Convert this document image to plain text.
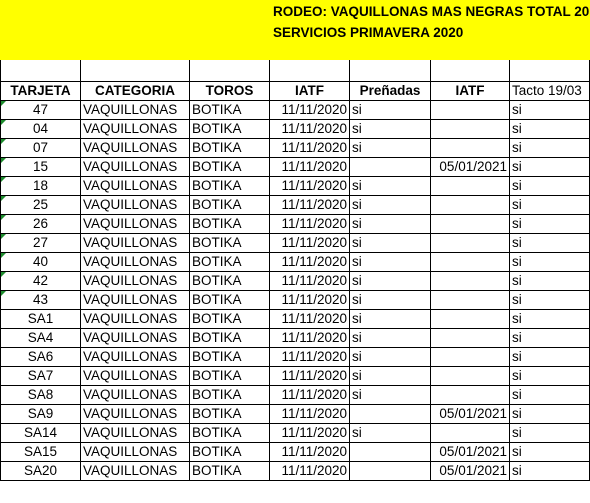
RODEO: VAQUILLONAS MAS NEGRAS TOTAL 20
SERVICIOS PRIMAVERA 2020

TARJETA	CATEGORIA	TOROS	IATF	Preñadas	IATF	Tacto 19/03
47	VAQUILLONAS	BOTIKA	11/11/2020	si		si
04	VAQUILLONAS	BOTIKA	11/11/2020	si		si
07	VAQUILLONAS	BOTIKA	11/11/2020	si		si
15	VAQUILLONAS	BOTIKA	11/11/2020		05/01/2021	si
18	VAQUILLONAS	BOTIKA	11/11/2020	si		si
25	VAQUILLONAS	BOTIKA	11/11/2020	si		si
26	VAQUILLONAS	BOTIKA	11/11/2020	si		si
27	VAQUILLONAS	BOTIKA	11/11/2020	si		si
40	VAQUILLONAS	BOTIKA	11/11/2020	si		si
42	VAQUILLONAS	BOTIKA	11/11/2020	si		si
43	VAQUILLONAS	BOTIKA	11/11/2020	si		si
SA1	VAQUILLONAS	BOTIKA	11/11/2020	si		si
SA4	VAQUILLONAS	BOTIKA	11/11/2020	si		si
SA6	VAQUILLONAS	BOTIKA	11/11/2020	si		si
SA7	VAQUILLONAS	BOTIKA	11/11/2020	si		si
SA8	VAQUILLONAS	BOTIKA	11/11/2020	si		si
SA9	VAQUILLONAS	BOTIKA	11/11/2020		05/01/2021	si
SA14	VAQUILLONAS	BOTIKA	11/11/2020	si		si
SA15	VAQUILLONAS	BOTIKA	11/11/2020		05/01/2021	si
SA20	VAQUILLONAS	BOTIKA	11/11/2020		05/01/2021	si
